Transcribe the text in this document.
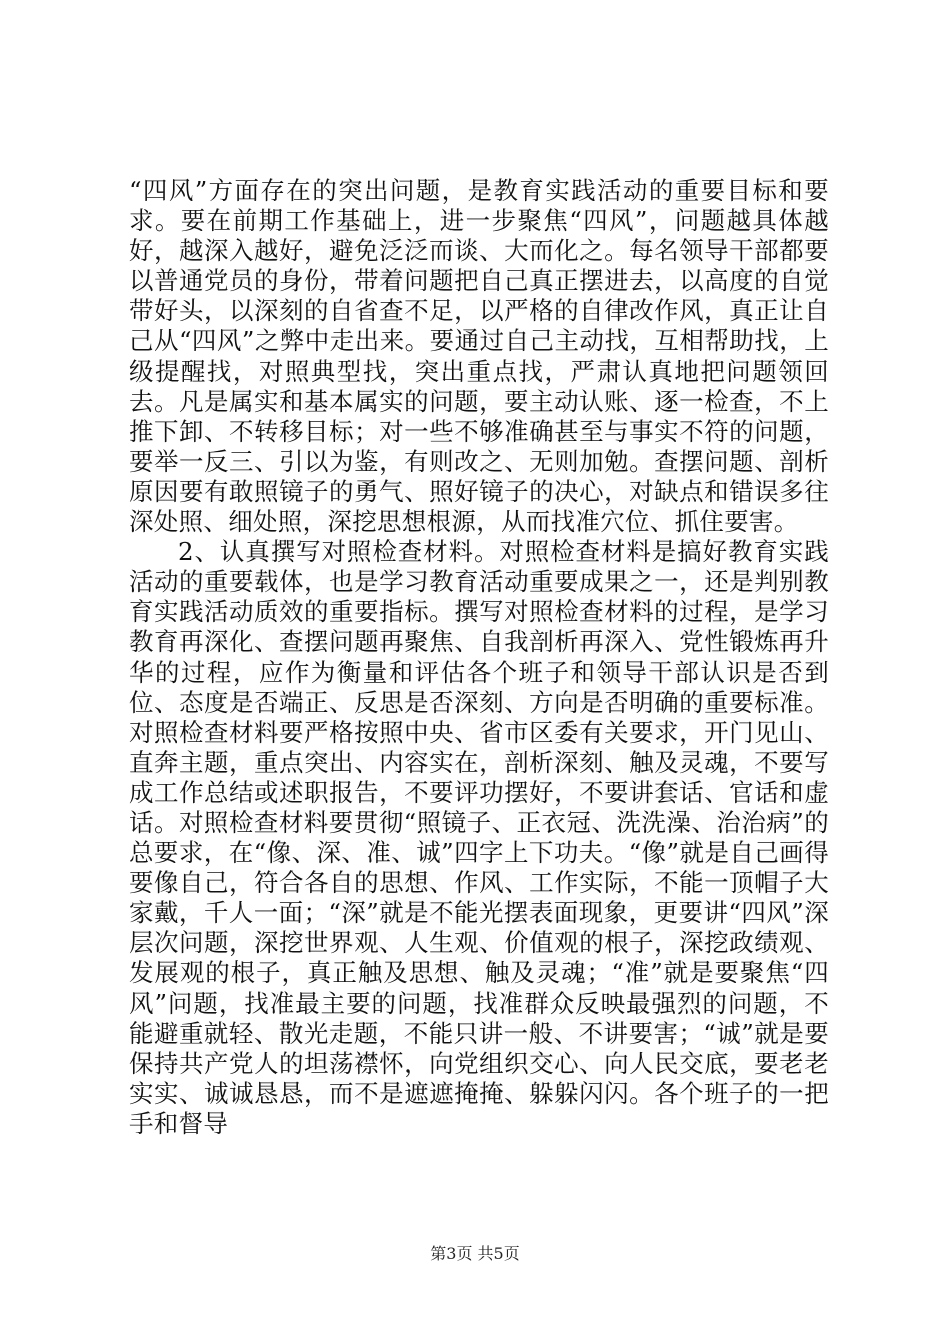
“四风”方面存在的突出问题，是教育实践活动的重要目标和要求。要在前期工作基础上，进一步聚焦“四风”，问题越具体越好，越深入越好，避免泛泛而谈、大而化之。每名领导干部都要以普通党员的身份，带着问题把自己真正摆进去，以高度的自觉带好头，以深刻的自省查不足，以严格的自律改作风，真正让自己从“四风”之弊中走出来。要通过自己主动找，互相帮助找，上级提醒找，对照典型找，突出重点找，严肃认真地把问题领回去。凡是属实和基本属实的问题，要主动认账、逐一检查，不上推下卸、不转移目标；对一些不够准确甚至与事实不符的问题，要举一反三、引以为鉴，有则改之、无则加勉。查摆问题、剖析原因要有敢照镜子的勇气、照好镜子的决心，对缺点和错误多往深处照、细处照，深挖思想根源，从而找准穴位、抓住要害。

2、认真撰写对照检查材料。对照检查材料是搞好教育实践活动的重要载体，也是学习教育活动重要成果之一，还是判别教育实践活动质效的重要指标。撰写对照检查材料的过程，是学习教育再深化、查摆问题再聚焦、自我剖析再深入、党性锻炼再升华的过程，应作为衡量和评估各个班子和领导干部认识是否到位、态度是否端正、反思是否深刻、方向是否明确的重要标准。对照检查材料要严格按照中央、省市区委有关要求，开门见山、直奔主题，重点突出、内容实在，剖析深刻、触及灵魂，不要写成工作总结或述职报告，不要评功摆好，不要讲套话、官话和虚话。对照检查材料要贯彻“照镜子、正衣冠、洗洗澡、治治病”的总要求，在“像、深、准、诚”四字上下功夫。“像”就是自己画得要像自己，符合各自的思想、作风、工作实际，不能一顶帽子大家戴，千人一面；“深”就是不能光摆表面现象，更要讲“四风”深层次问题，深挖世界观、人生观、价值观的根子，深挖政绩观、发展观的根子，真正触及思想、触及灵魂；“准”就是要聚焦“四风”问题，找准最主要的问题，找准群众反映最强烈的问题，不能避重就轻、散光走题，不能只讲一般、不讲要害；“诚”就是要保持共产党人的坦荡襟怀，向党组织交心、向人民交底，要老老实实、诚诚恳恳，而不是遮遮掩掩、躲躲闪闪。各个班子的一把手和督导

第3页 共5页
